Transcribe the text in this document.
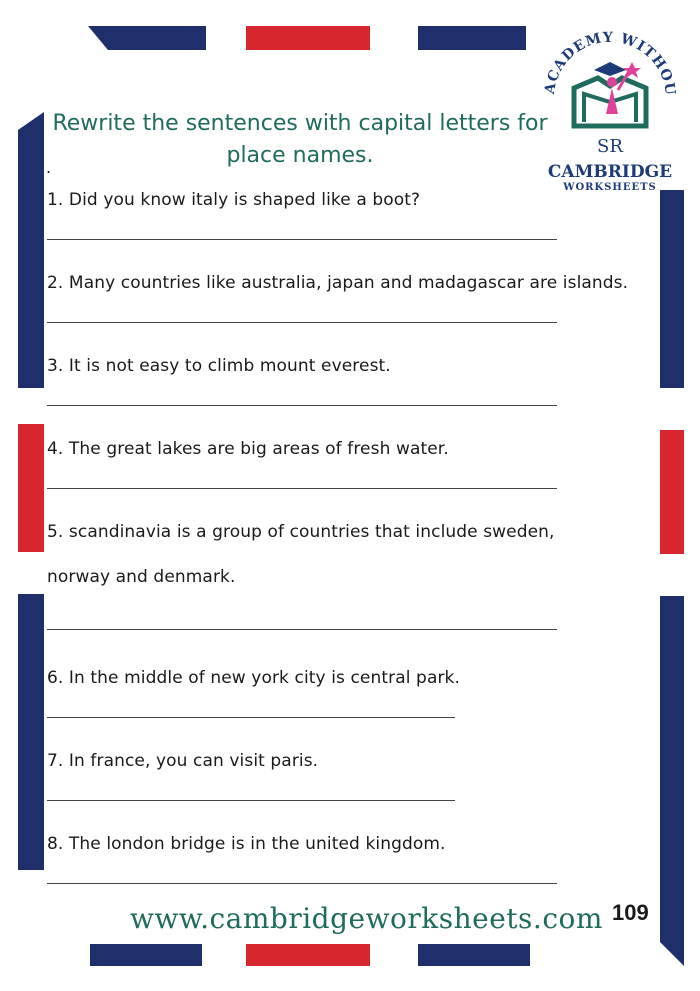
ACADEMY WITHOU
SR
CAMBRIDGE
WORKSHEETS
Rewrite the sentences with capital letters for
place names.
.
1. Did you know italy is shaped like a boot?
2. Many countries like australia, japan and madagascar are islands.
3. It is not easy to climb mount everest.
4. The great lakes are big areas of fresh water.
5. scandinavia is a group of countries that include sweden,
norway and denmark.
6. In the middle of new york city is central park.
7. In france, you can visit paris.
8. The london bridge is in the united kingdom.
www.cambridgeworksheets.com 109
